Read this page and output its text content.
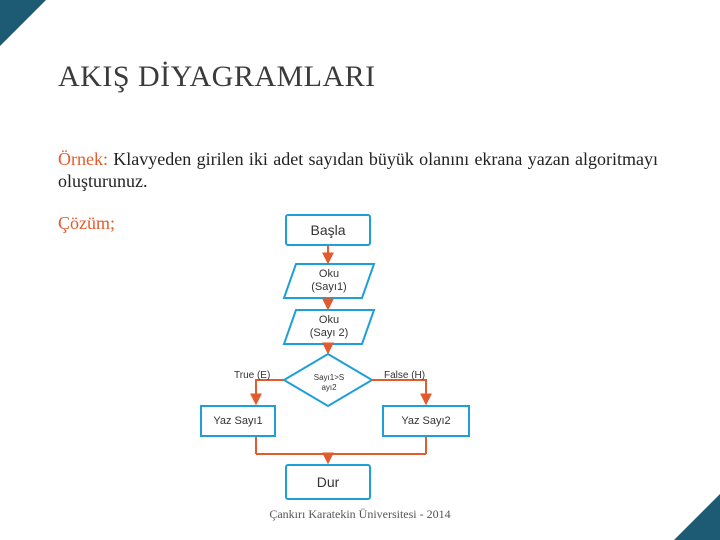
AKIŞ DİYAGRAMLARI
Örnek: Klavyeden girilen iki adet sayıdan büyük olanını ekrana yazan algoritmayı oluşturunuz.
Çözüm;	Başla
Oku
(Sayı1)
Oku
(Sayı 2)
Sayı1>S
ayı2
True (E)	False (H)
Yaz Sayı1	Yaz Sayı2
Dur
Çankırı Karatekin Üniversitesi - 2014
